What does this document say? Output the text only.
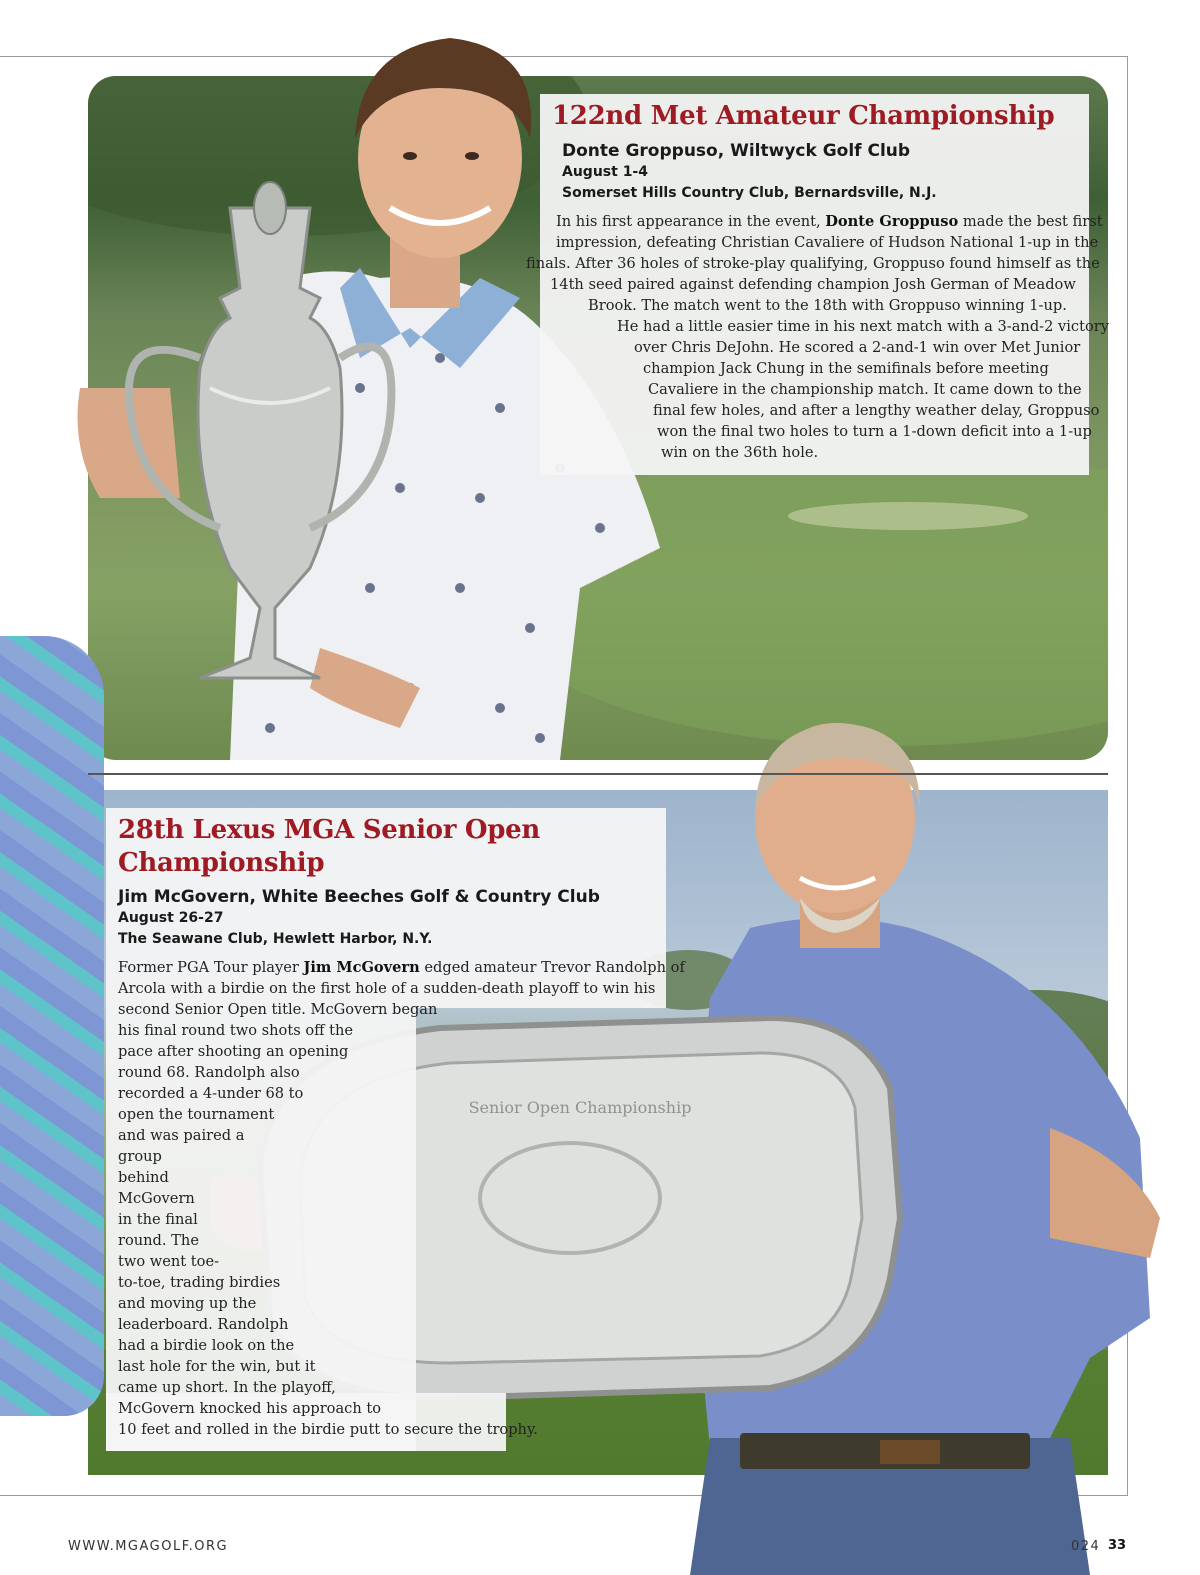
Senior Open Championship
122nd Met Amateur Championship
Donte Groppuso, Wiltwyck Golf Club
August 1-4
Somerset Hills Country Club, Bernardsville, N.J.
In his first appearance in the event, Donte Groppuso made the best first
impression, defeating Christian Cavaliere of Hudson National 1-up in the
finals. After 36 holes of stroke-play qualifying, Groppuso found himself as the
14th seed paired against defending champion Josh German of Meadow
Brook. The match went to the 18th with Groppuso winning 1-up.
He had a little easier time in his next match with a 3-and-2 victory
over Chris DeJohn. He scored a 2-and-1 win over Met Junior
champion Jack Chung in the semifinals before meeting
Cavaliere in the championship match. It came down to the
final few holes, and after a lengthy weather delay, Groppuso
won the final two holes to turn a 1-down deficit into a 1-up
win on the 36th hole.
28th Lexus MGA Senior Open
Championship
Jim McGovern, White Beeches Golf & Country Club
August 26-27
The Seawane Club, Hewlett Harbor, N.Y.
Former PGA Tour player Jim McGovern edged amateur Trevor Randolph of
Arcola with a birdie on the first hole of a sudden-death playoff to win his
second Senior Open title. McGovern began
his final round two shots off the
pace after shooting an opening
round 68. Randolph also
recorded a 4-under 68 to
open the tournament
and was paired a
group
behind
McGovern
in the final
round. The
two went toe-
to-toe, trading birdies
and moving up the
leaderboard. Randolph
had a birdie look on the
last hole for the win, but it
came up short. In the playoff,
McGovern knocked his approach to
10 feet and rolled in the birdie putt to secure the trophy.
WWW.MGAGOLF.ORG	024 33
